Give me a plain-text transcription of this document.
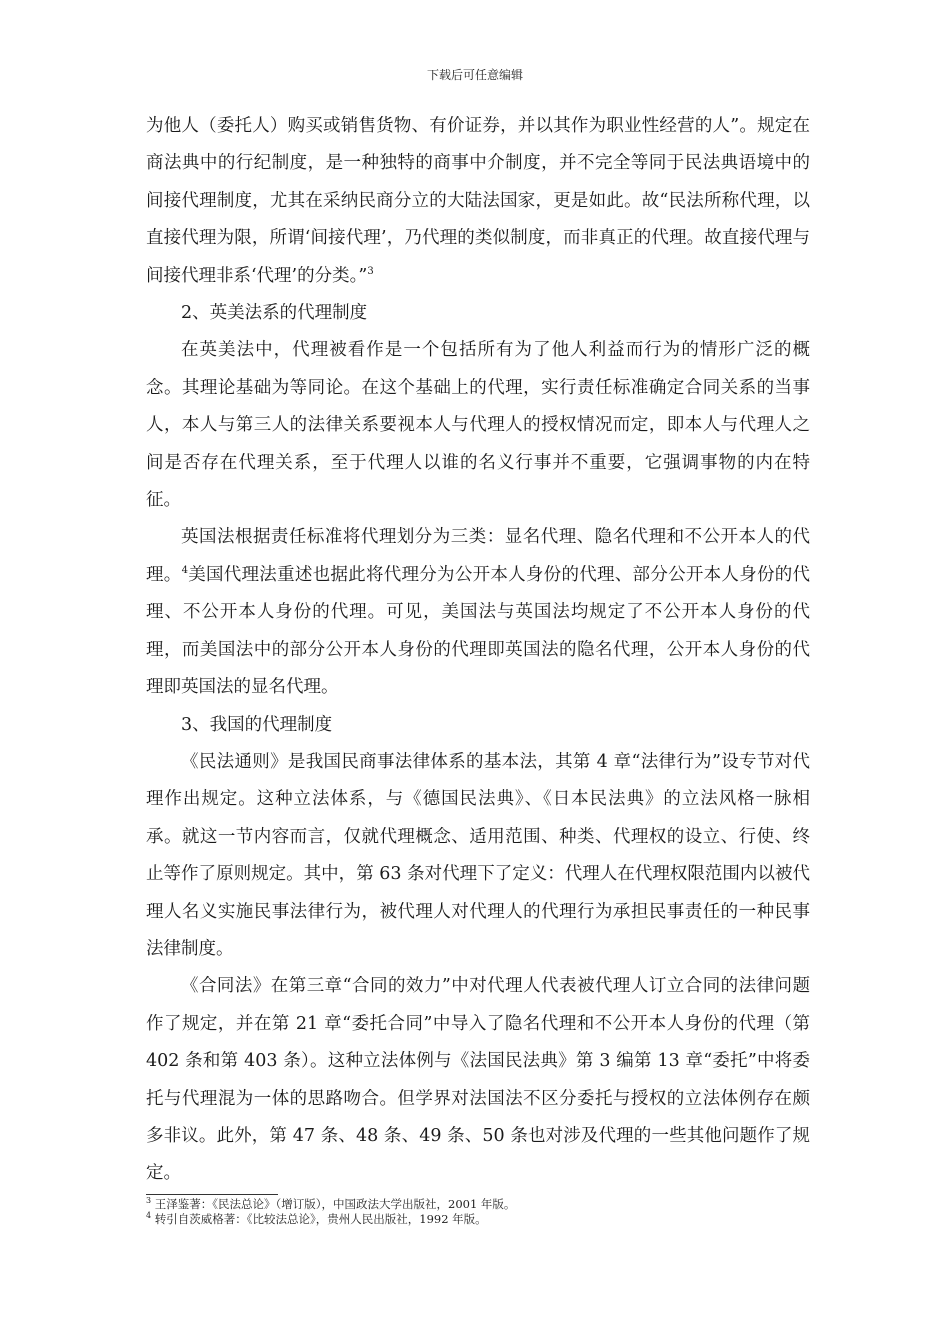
下载后可任意编辑

为他人（委托人）购买或销售货物、有价证券，并以其作为职业性经营的人”。规定在商法典中的行纪制度，是一种独特的商事中介制度，并不完全等同于民法典语境中的间接代理制度，尤其在采纳民商分立的大陆法国家，更是如此。故“民法所称代理，以直接代理为限，所谓‘间接代理’，乃代理的类似制度，而非真正的代理。故直接代理与间接代理非系‘代理’的分类。”$^3$

2、英美法系的代理制度

在英美法中，代理被看作是一个包括所有为了他人利益而行为的情形广泛的概念。其理论基础为等同论。在这个基础上的代理，实行责任标准确定合同关系的当事人，本人与第三人的法律关系要视本人与代理人的授权情况而定，即本人与代理人之间是否存在代理关系，至于代理人以谁的名义行事并不重要，它强调事物的内在特征。

英国法根据责任标准将代理划分为三类：显名代理、隐名代理和不公开本人的代理。$^4$美国代理法重述也据此将代理分为公开本人身份的代理、部分公开本人身份的代理、不公开本人身份的代理。可见，美国法与英国法均规定了不公开本人身份的代理，而美国法中的部分公开本人身份的代理即英国法的隐名代理，公开本人身份的代理即英国法的显名代理。

3、我国的代理制度

《民法通则》是我国民商事法律体系的基本法，其第 4 章“法律行为”设专节对代理作出规定。这种立法体系，与《德国民法典》、《日本民法典》的立法风格一脉相承。就这一节内容而言，仅就代理概念、适用范围、种类、代理权的设立、行使、终止等作了原则规定。其中，第 63 条对代理下了定义：代理人在代理权限范围内以被代理人名义实施民事法律行为，被代理人对代理人的代理行为承担民事责任的一种民事法律制度。

《合同法》在第三章“合同的效力”中对代理人代表被代理人订立合同的法律问题作了规定，并在第 21 章“委托合同”中导入了隐名代理和不公开本人身份的代理（第 402 条和第 403 条）。这种立法体例与《法国民法典》第 3 编第 13 章“委托”中将委托与代理混为一体的思路吻合。但学界对法国法不区分委托与授权的立法体例存在颇多非议。此外，第 47 条、48 条、49 条、50 条也对涉及代理的一些其他问题作了规定。

$^3$ 王泽鉴著：《民法总论》（增订版），中国政法大学出版社，2001 年版。
$^4$ 转引自茨威格著：《比较法总论》，贵州人民出版社，1992 年版。
